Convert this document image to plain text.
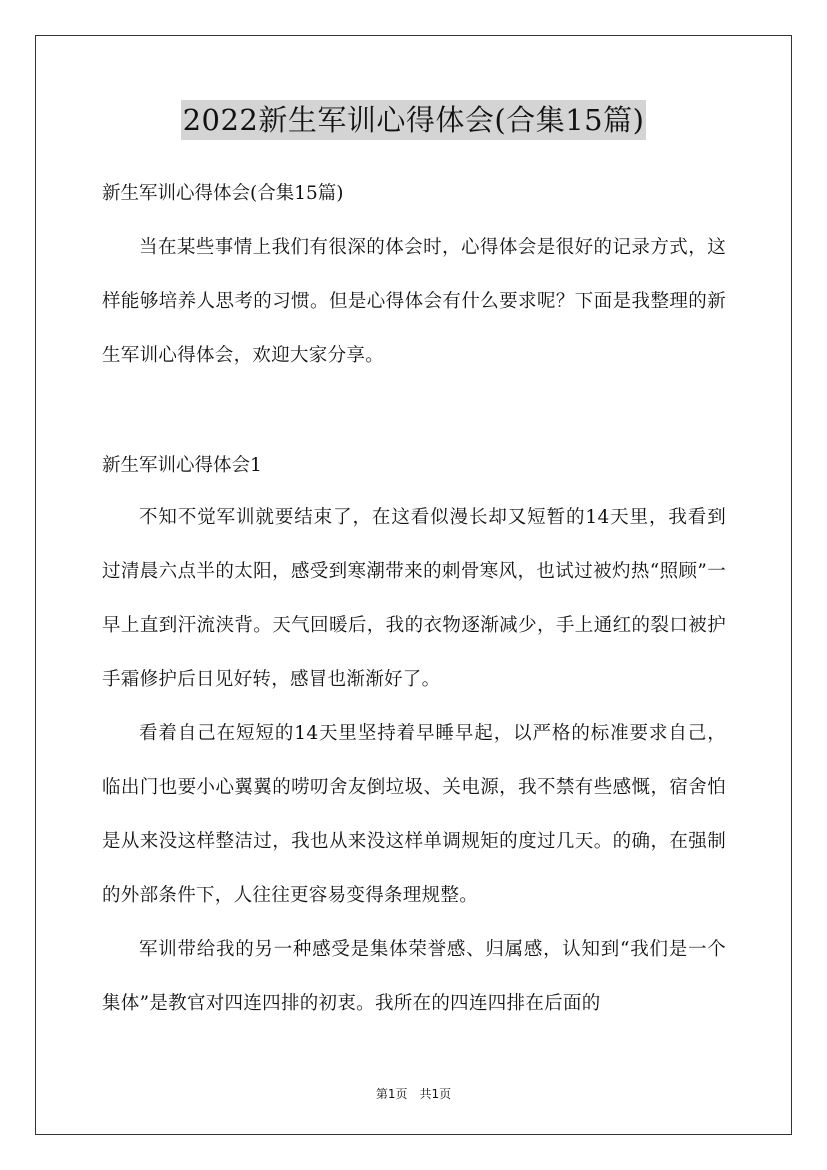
2022新生军训心得体会(合集15篇)
新生军训心得体会(合集15篇)

当在某些事情上我们有很深的体会时，心得体会是很好的记录方式，这样能够培养人思考的习惯。但是心得体会有什么要求呢？下面是我整理的新生军训心得体会，欢迎大家分享。

新生军训心得体会1

不知不觉军训就要结束了，在这看似漫长却又短暂的14天里，我看到过清晨六点半的太阳，感受到寒潮带来的刺骨寒风，也试过被灼热“照顾”一早上直到汗流浃背。天气回暖后，我的衣物逐渐减少，手上通红的裂口被护手霜修护后日见好转，感冒也渐渐好了。

看着自己在短短的14天里坚持着早睡早起，以严格的标准要求自己，临出门也要小心翼翼的唠叨舍友倒垃圾、关电源，我不禁有些感慨，宿舍怕是从来没这样整洁过，我也从来没这样单调规矩的度过几天。的确，在强制的外部条件下，人往往更容易变得条理规整。

军训带给我的另一种感受是集体荣誉感、归属感，认知到“我们是一个集体”是教官对四连四排的初衷。我所在的四连四排在后面的

第1页 共1页
